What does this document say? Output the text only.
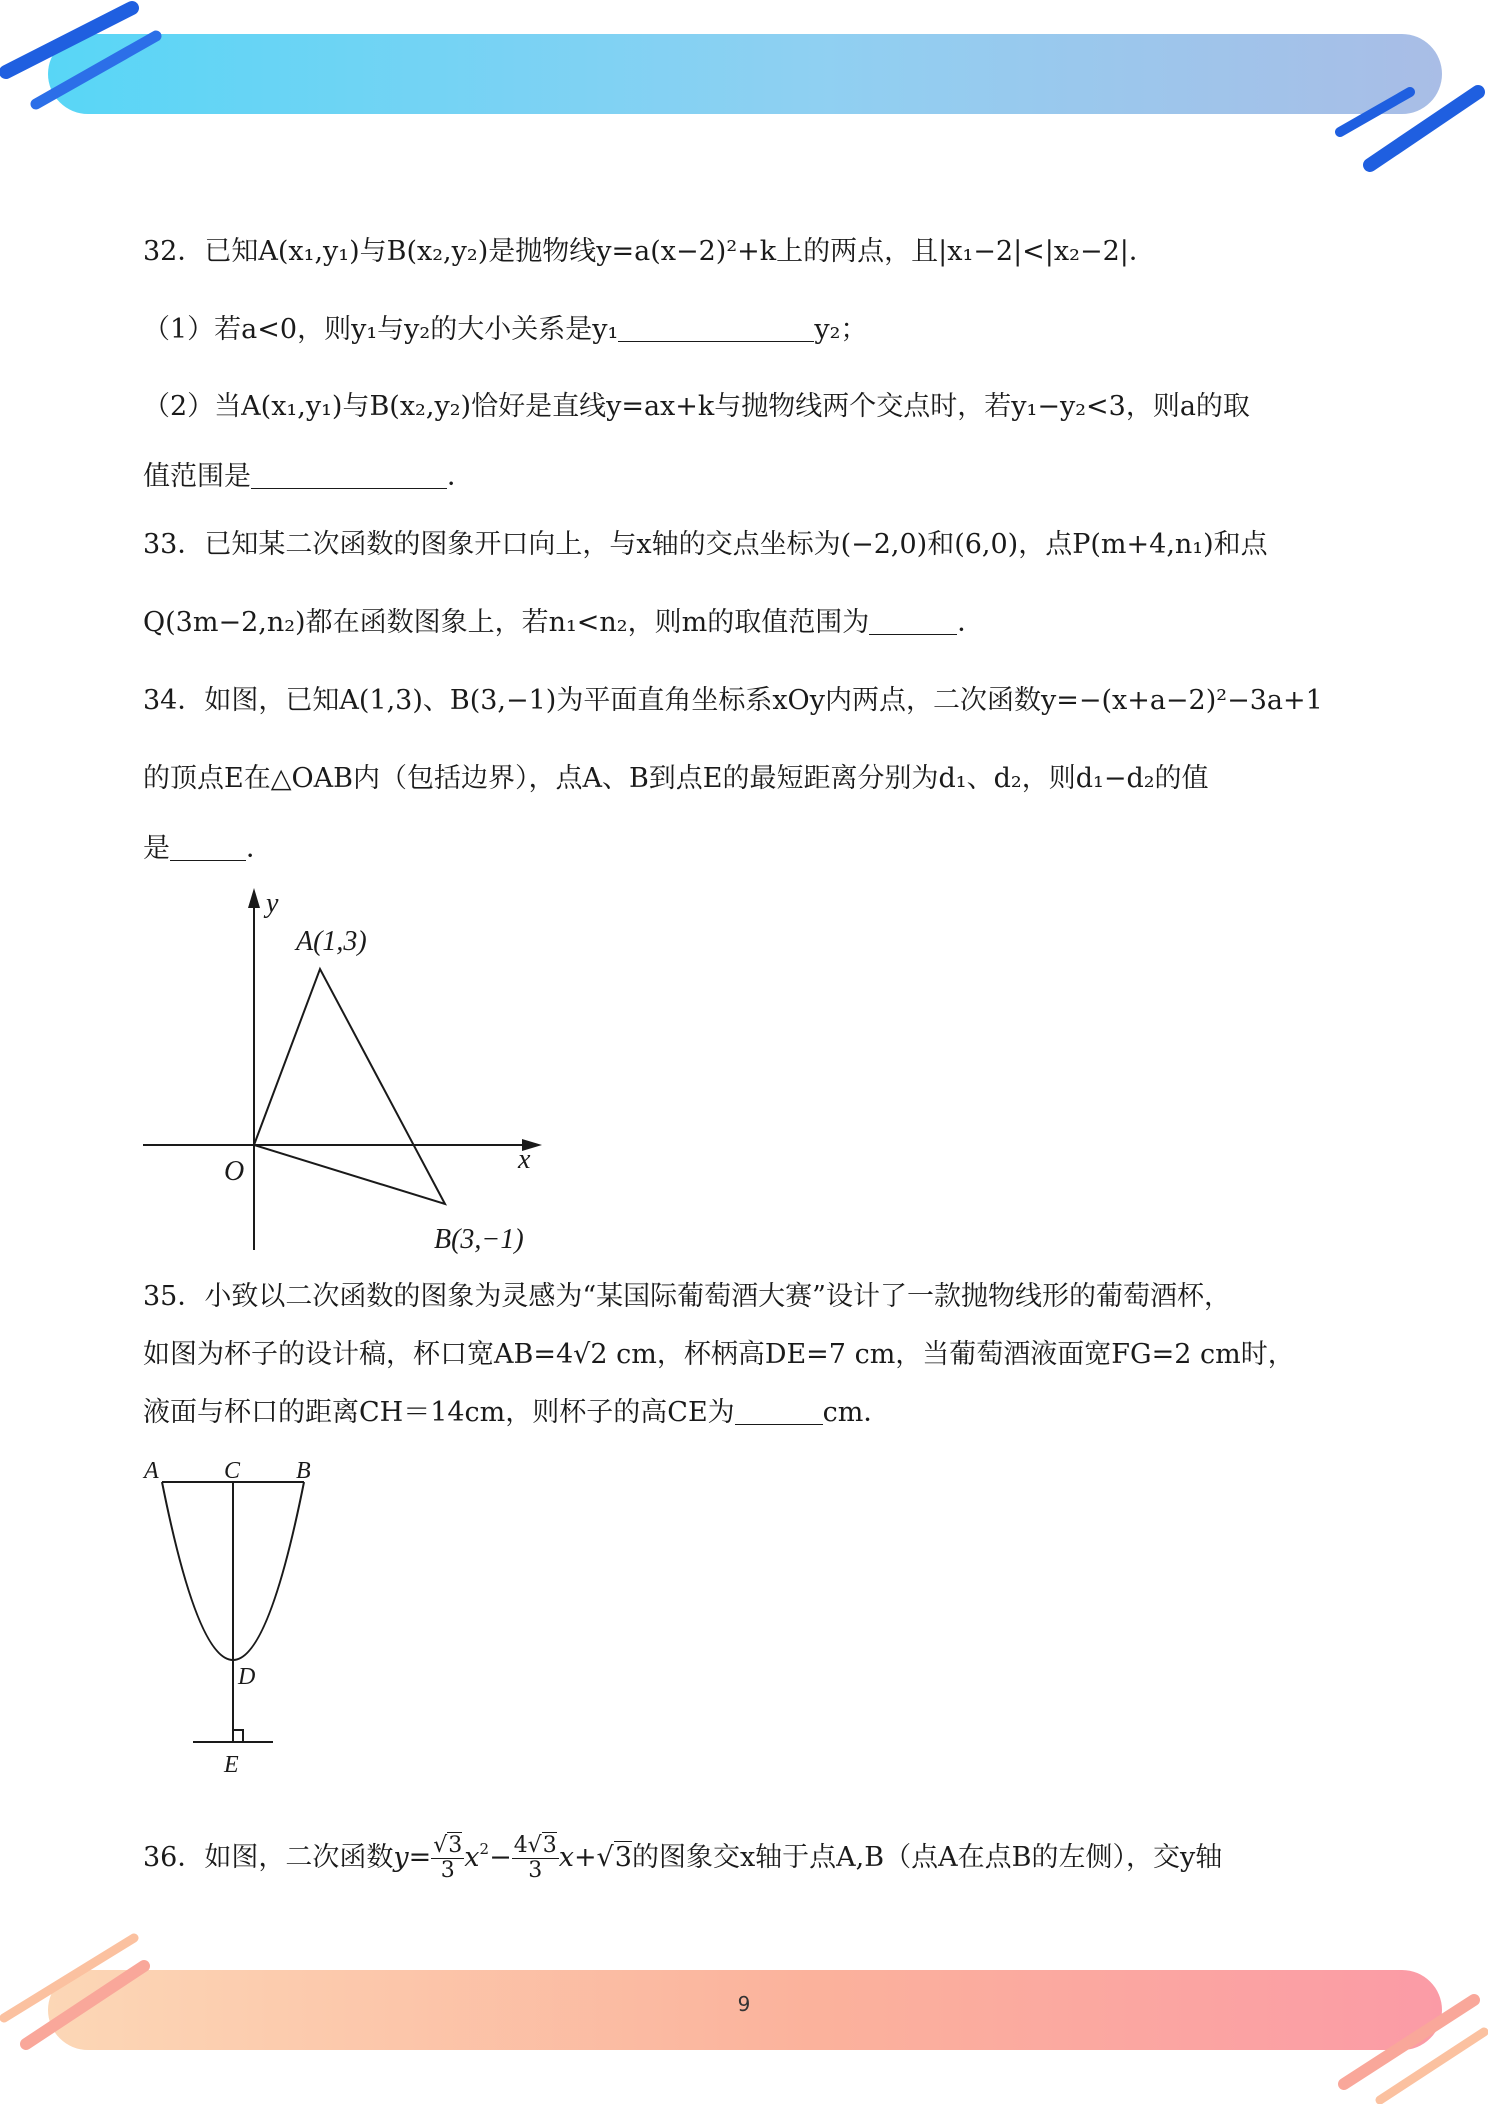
9
32．已知A(x₁,y₁)与B(x₂,y₂)是抛物线y=a(x−2)²+k上的两点，且|x₁−2|<|x₂−2|．
（1）若a<0，则y₁与y₂的大小关系是y₁	y₂；
（2）当A(x₁,y₁)与B(x₂,y₂)恰好是直线y=ax+k与抛物线两个交点时，若y₁−y₂<3，则a的取
值范围是	．
33．已知某二次函数的图象开口向上，与x轴的交点坐标为(−2,0)和(6,0)，点P(m+4,n₁)和点
Q(3m−2,n₂)都在函数图象上，若n₁<n₂，则m的取值范围为	．
34．如图，已知A(1,3)、B(3,−1)为平面直角坐标系xOy内两点，二次函数y=−(x+a−2)²−3a+1
的顶点E在△OAB内（包括边界），点A、B到点E的最短距离分别为d₁、d₂，则d₁−d₂的值
是	．
y
x
O
A(1,3)
B(3,−1)
35．小致以二次函数的图象为灵感为“某国际葡萄酒大赛”设计了一款抛物线形的葡萄酒杯，
如图为杯子的设计稿，杯口宽AB=4√2 cm，杯柄高DE=7 cm，当葡萄酒液面宽FG=2 cm时，
液面与杯口的距离CH＝14cm，则杯子的高CE为	cm．
A	C B
D
E
36．如图，二次函数$y= \frac{√3}{3} x^2- \frac{4√3}{3} x+√3$的图象交x轴于点A,B（点A在点B的左侧），交y轴
